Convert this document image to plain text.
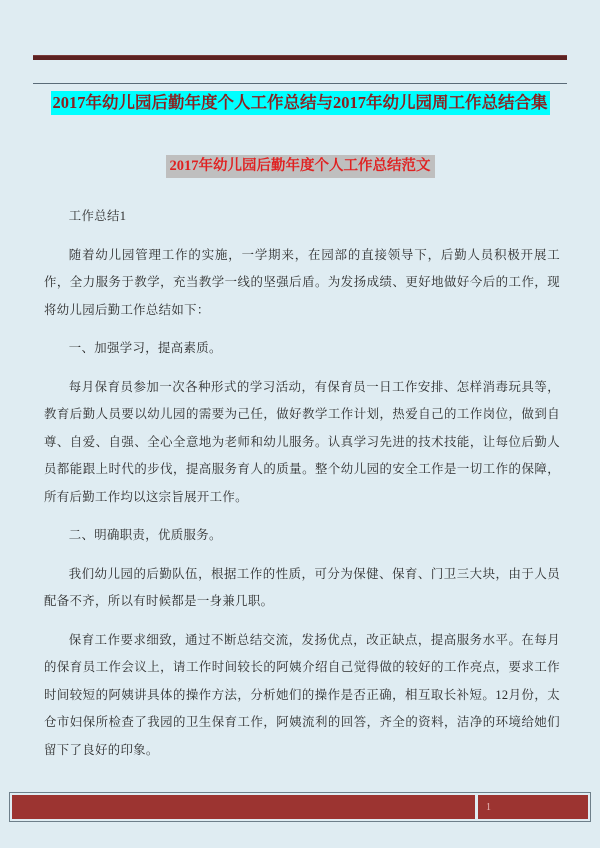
2017年幼儿园后勤年度个人工作总结与2017年幼儿园周工作总结合集
2017年幼儿园后勤年度个人工作总结范文

工作总结1

随着幼儿园管理工作的实施，一学期来，在园部的直接领导下，后勤人员积极开展工作，全力服务于教学，充当教学一线的坚强后盾。为发扬成绩、更好地做好今后的工作，现将幼儿园后勤工作总结如下：

一、加强学习，提高素质。

每月保育员参加一次各种形式的学习活动，有保育员一日工作安排、怎样消毒玩具等，教育后勤人员要以幼儿园的需要为己任，做好教学工作计划，热爱自己的工作岗位，做到自尊、自爱、自强、全心全意地为老师和幼儿服务。认真学习先进的技术技能，让每位后勤人员都能跟上时代的步伐，提高服务育人的质量。整个幼儿园的安全工作是一切工作的保障，所有后勤工作均以这宗旨展开工作。

二、明确职责，优质服务。

我们幼儿园的后勤队伍，根据工作的性质，可分为保健、保育、门卫三大块，由于人员配备不齐，所以有时候都是一身兼几职。

保育工作要求细致，通过不断总结交流，发扬优点，改正缺点，提高服务水平。在每月的保育员工作会议上，请工作时间较长的阿姨介绍自己觉得做的较好的工作亮点，要求工作时间较短的阿姨讲具体的操作方法，分析她们的操作是否正确，相互取长补短。12月份，太仓市妇保所检查了我园的卫生保育工作，阿姨流利的回答，齐全的资料，洁净的环境给她们留下了良好的印象。

1
